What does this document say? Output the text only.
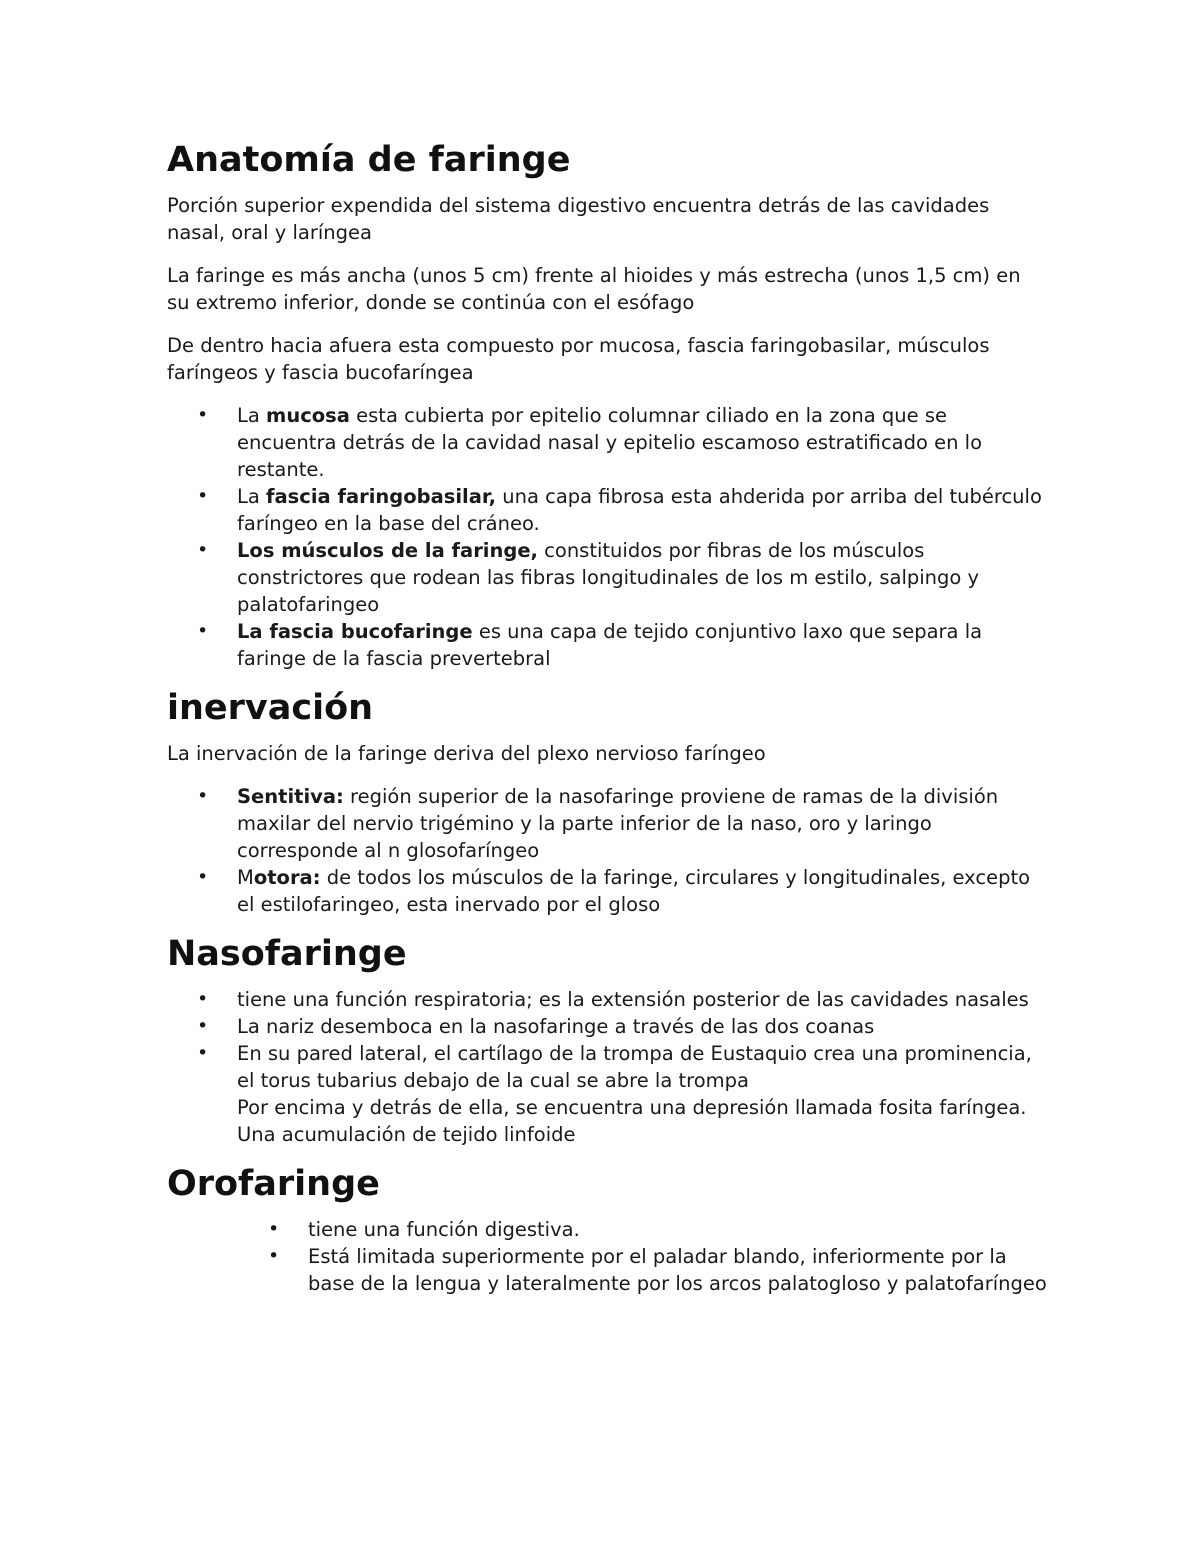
Anatomía de faringe

Porción superior expendida del sistema digestivo encuentra detrás de las cavidades nasal, oral y laríngea

La faringe es más ancha (unos 5 cm) frente al hioides y más estrecha (unos 1,5 cm) en su extremo inferior, donde se continúa con el esófago

De dentro hacia afuera esta compuesto por mucosa, fascia faringobasilar, músculos faríngeos y fascia bucofaríngea

• La mucosa esta cubierta por epitelio columnar ciliado en la zona que se encuentra detrás de la cavidad nasal y epitelio escamoso estratificado en lo restante.
• La fascia faringobasilar, una capa fibrosa esta ahderida por arriba del tubérculo faríngeo en la base del cráneo.
• Los músculos de la faringe, constituidos por fibras de los músculos constrictores que rodean las fibras longitudinales de los m estilo, salpingo y palatofaringeo
• La fascia bucofaringe es una capa de tejido conjuntivo laxo que separa la faringe de la fascia prevertebral
inervación

La inervación de la faringe deriva del plexo nervioso faríngeo

• Sentitiva: región superior de la nasofaringe proviene de ramas de la división maxilar del nervio trigémino y la parte inferior de la naso, oro y laringo corresponde al n glosofaríngeo
• Motora: de todos los músculos de la faringe, circulares y longitudinales, excepto el estilofaringeo, esta inervado por el gloso
Nasofaringe
• tiene una función respiratoria; es la extensión posterior de las cavidades nasales
• La nariz desemboca en la nasofaringe a través de las dos coanas
• En su pared lateral, el cartílago de la trompa de Eustaquio crea una prominencia, el torus tubarius debajo de la cual se abre la trompa
Por encima y detrás de ella, se encuentra una depresión llamada fosita faríngea. Una acumulación de tejido linfoide
Orofaringe
• tiene una función digestiva.
• Está limitada superiormente por el paladar blando, inferiormente por la base de la lengua y lateralmente por los arcos palatogloso y palatofaríngeo
